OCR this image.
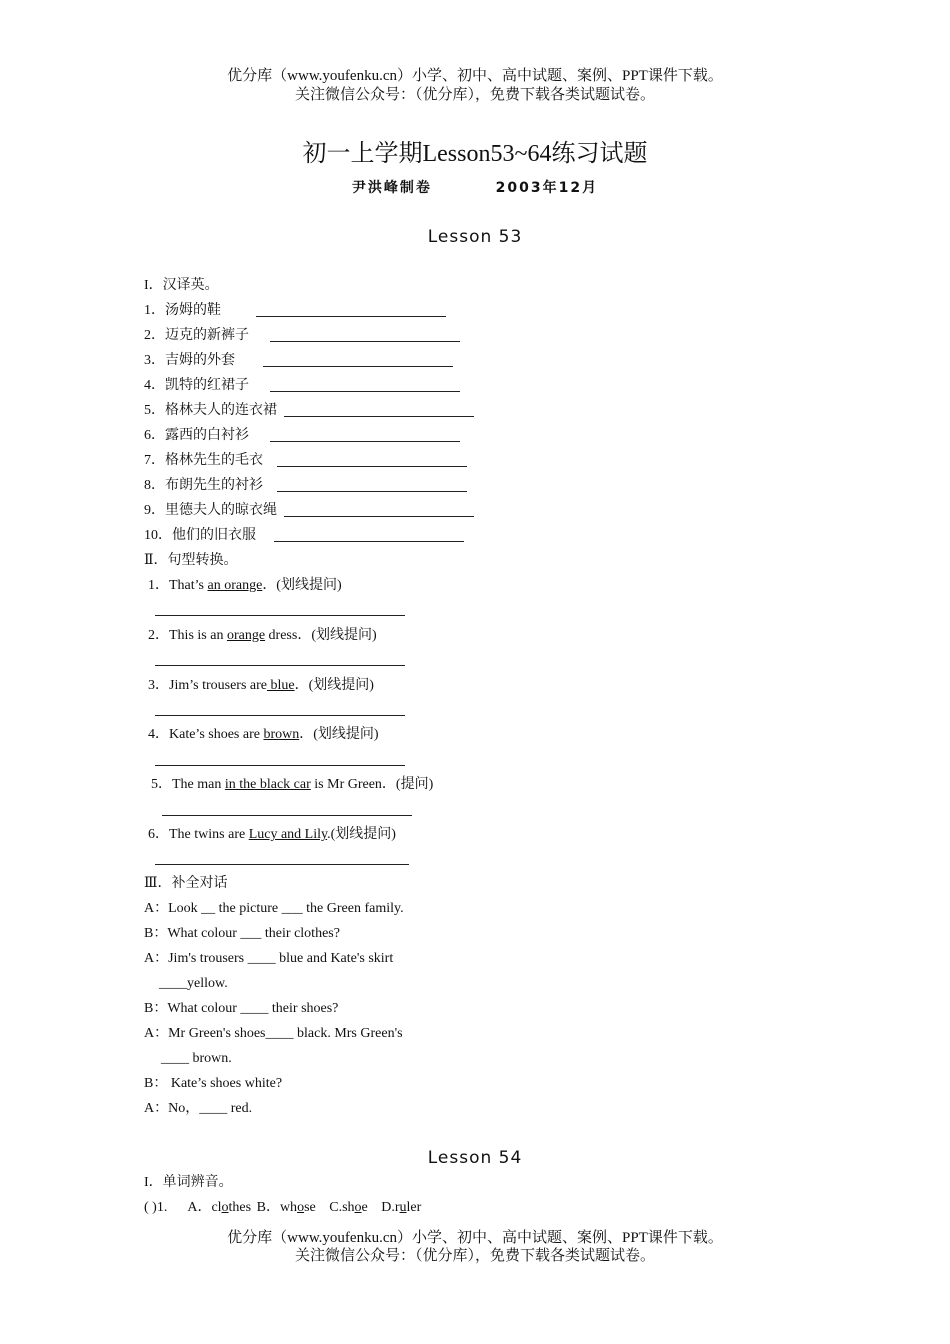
优分库（www.youfenku.cn）小学、初中、高中试题、案例、PPT课件下载。
关注微信公众号：（优分库），免费下载各类试题试卷。
初一上学期Lesson53~64练习试题
尹洪峰制卷	2003年12月
Lesson 53
I．汉译英。
1．汤姆的鞋
2．迈克的新裤子
3．吉姆的外套
4．凯特的红裙子
5．格林夫人的连衣裙
6．露西的白衬衫
7．格林先生的毛衣
8．布朗先生的衬衫
9．里德夫人的晾衣绳
10．他们的旧衣服
Ⅱ．句型转换。
1．That’s an orange．(划线提问)
2．This is an orange dress．(划线提问)
3．Jim’s trousers are blue．(划线提问)
4．Kate’s shoes are brown．(划线提问)
5．The man in the black car is Mr Green．(提问)
6．The twins are Lucy and Lily.(划线提问)
Ⅲ．补全对话
A：Look __ the picture ___ the Green family.
B：What colour ___ their clothes?
A：Jim's trousers ____ blue and Kate's skirt
____yellow.
B：What colour ____ their shoes?
A：Mr Green's shoes____ black. Mrs Green's
____ brown.
B： Kate’s shoes white?
A：No，____ red.
Lesson 54
I．单词辨音。
( )1. A．clothes B．whose C.shoe D.ruler
优分库（www.youfenku.cn）小学、初中、高中试题、案例、PPT课件下载。
关注微信公众号：（优分库），免费下载各类试题试卷。
